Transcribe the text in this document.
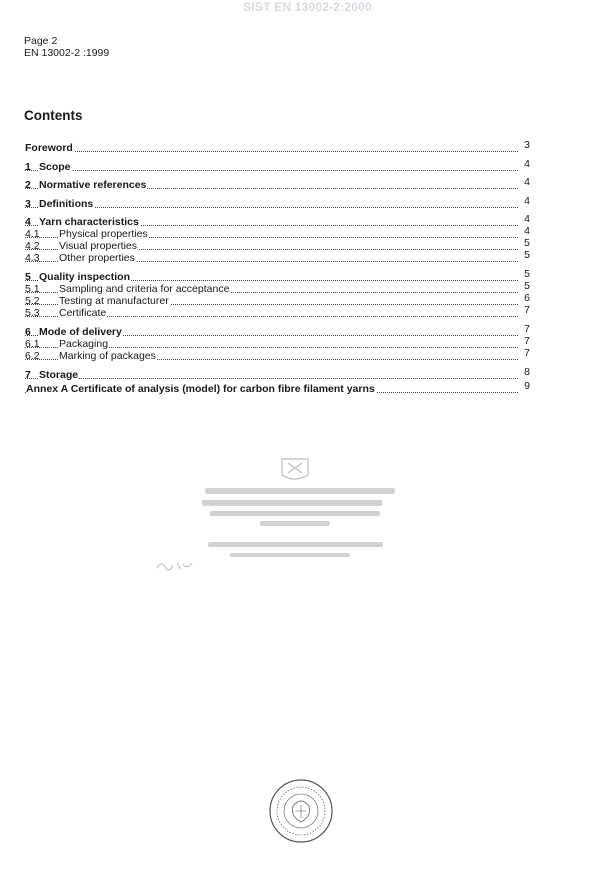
SIST EN 13002-2:2000
Page 2
EN 13002-2 :1999
Contents
Foreword	3
1 Scope	4
2 Normative references	4
3 Definitions	4
4 Yarn characteristics	4
4.1 Physical properties	4
4.2 Visual properties	5
4.3 Other properties	5
5 Quality inspection	5
5.1 Sampling and criteria for acceptance	5
5.2 Testing at manufacturer	6
5.3 Certificate	7
6 Mode of delivery	7
6.1 Packaging	7
6.2 Marking of packages	7
7 Storage	8
Annex A Certificate of analysis (model) for carbon fibre filament yarns	9
